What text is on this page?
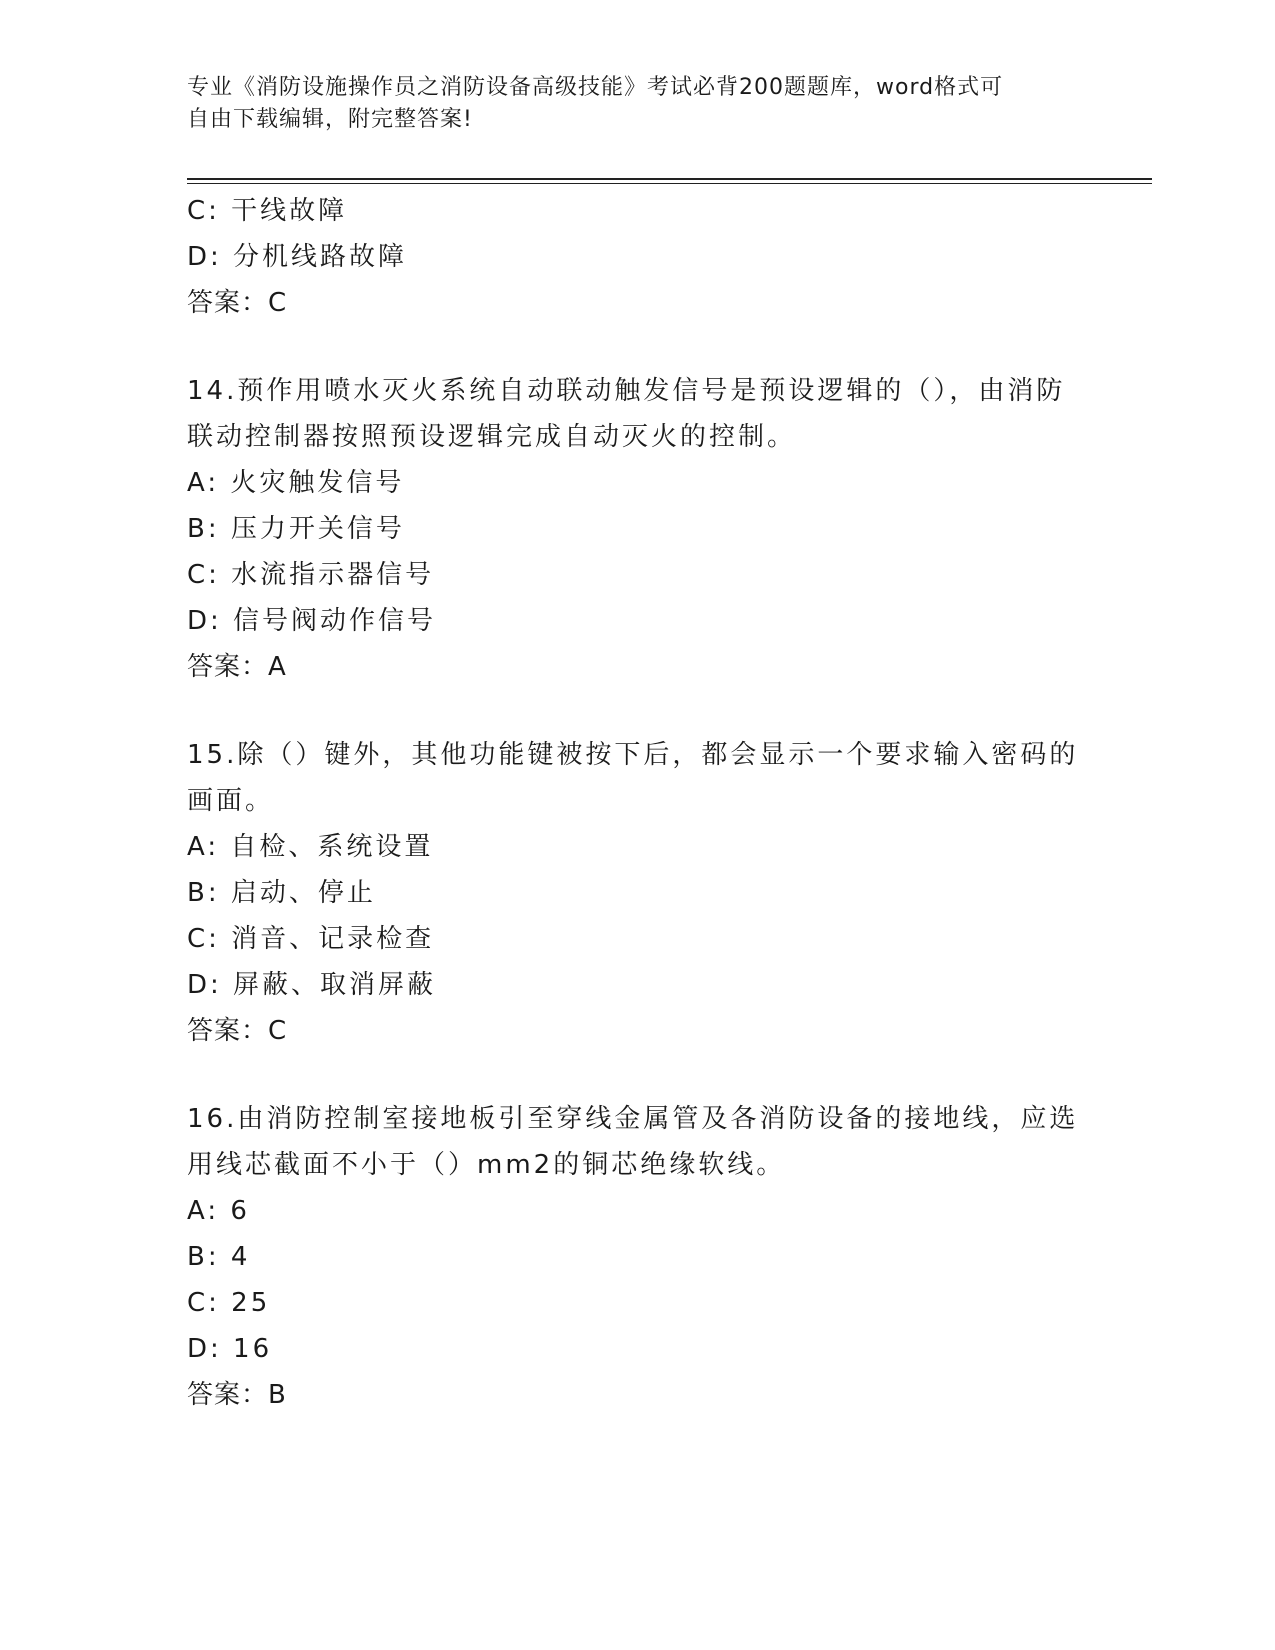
专业《消防设施操作员之消防设备高级技能》考试必背200题题库，word格式可
自由下载编辑，附完整答案!
C: 干线故障
D: 分机线路故障
答案：C
14.预作用喷水灭火系统自动联动触发信号是预设逻辑的（），由消防
联动控制器按照预设逻辑完成自动灭火的控制。
A: 火灾触发信号
B: 压力开关信号
C: 水流指示器信号
D: 信号阀动作信号
答案：A
15.除（）键外，其他功能键被按下后，都会显示一个要求输入密码的
画面。
A: 自检、系统设置
B: 启动、停止
C: 消音、记录检查
D: 屏蔽、取消屏蔽
答案：C
16.由消防控制室接地板引至穿线金属管及各消防设备的接地线，应选
用线芯截面不小于（）mm2的铜芯绝缘软线。
A: 6
B: 4
C: 25
D: 16
答案：B
